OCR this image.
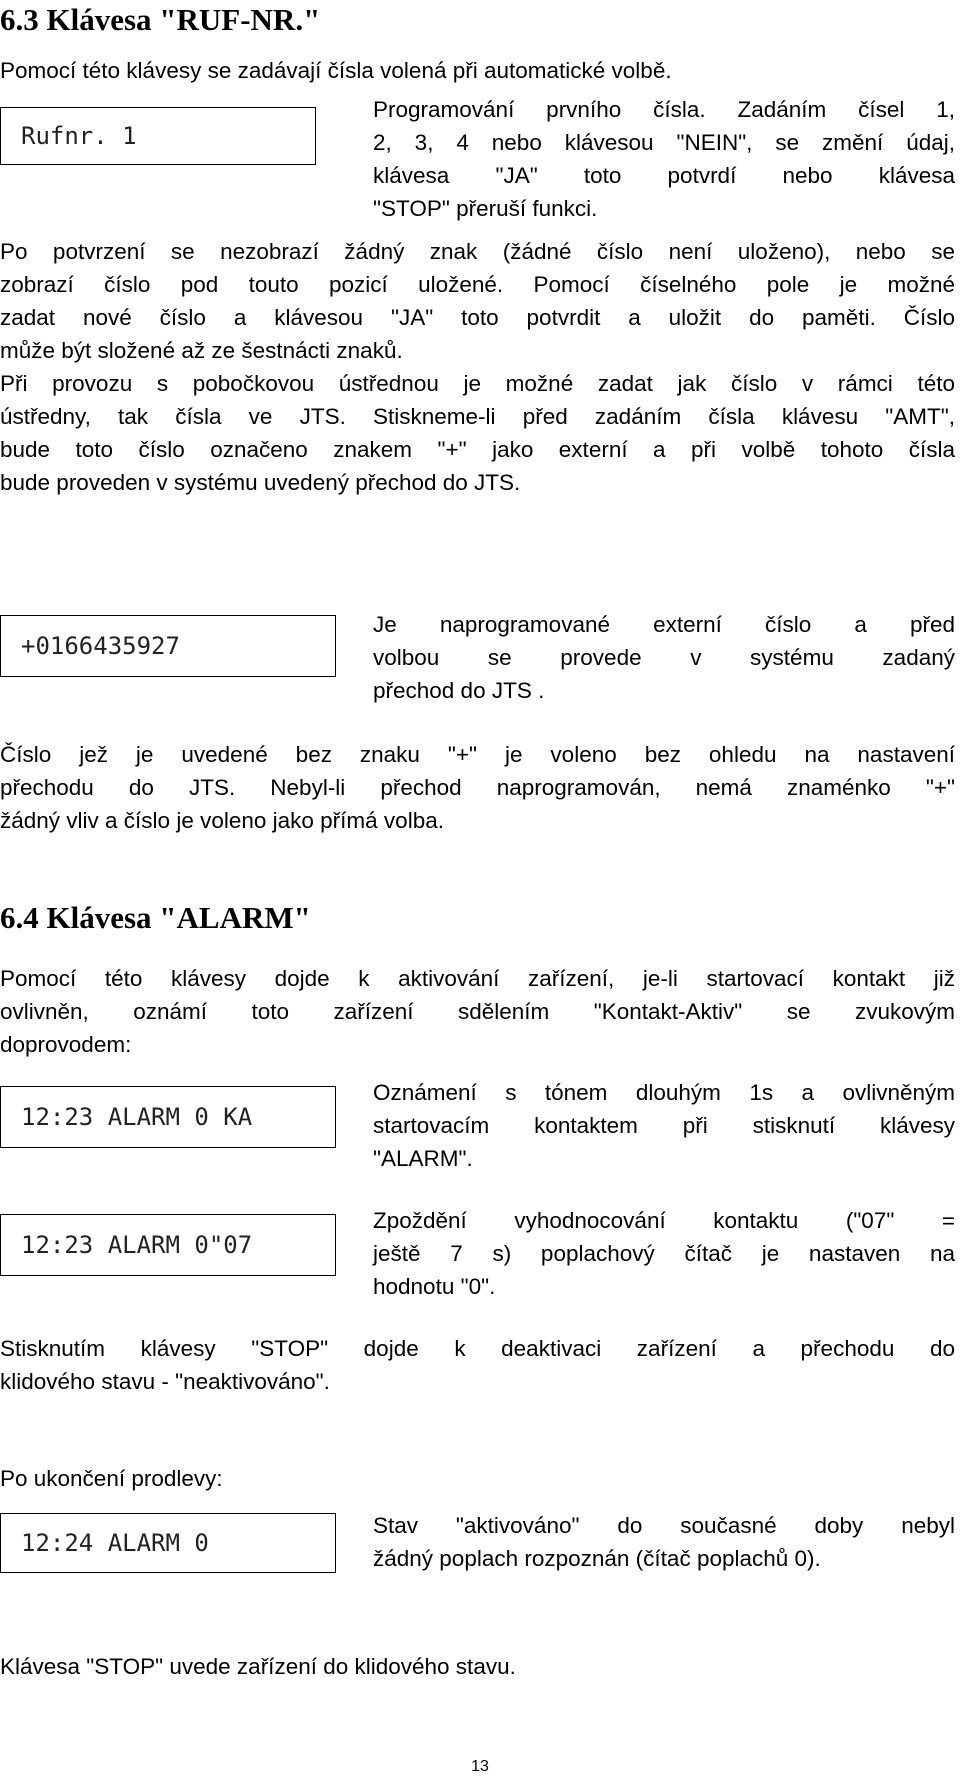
6.3 Klávesa "RUF-NR."

Pomocí této klávesy se zadávají čísla volená při automatické volbě.

Rufnr. 1
Programování prvního čísla. Zadáním čísel 1,
2, 3, 4 nebo klávesou "NEIN", se změní údaj,
klávesa "JA" toto potvrdí nebo klávesa
"STOP" přeruší funkci.
Po potvrzení se nezobrazí žádný znak (žádné číslo není uloženo), nebo se
zobrazí číslo pod touto pozicí uložené. Pomocí číselného pole je možné
zadat nové číslo a klávesou "JA" toto potvrdit a uložit do paměti. Číslo
může být složené až ze šestnácti znaků.
Při provozu s pobočkovou ústřednou je možné zadat jak číslo v rámci této
ústředny, tak čísla ve JTS. Stiskneme-li před zadáním čísla klávesu "AMT",
bude toto číslo označeno znakem "+" jako externí a při volbě tohoto čísla
bude proveden v systému uvedený přechod do JTS.
+0166435927
Je naprogramované externí číslo a před
volbou se provede v systému zadaný
přechod do JTS .
Číslo jež je uvedené bez znaku "+" je voleno bez ohledu na nastavení
přechodu do JTS. Nebyl-li přechod naprogramován, nemá znaménko "+"
žádný vliv a číslo je voleno jako přímá volba.
6.4 Klávesa "ALARM"
Pomocí této klávesy dojde k aktivování zařízení, je-li startovací kontakt již
ovlivněn, oznámí toto zařízení sdělením "Kontakt-Aktiv" se zvukovým
doprovodem:
12:23 ALARM 0 KA
Oznámení s tónem dlouhým 1s a ovlivněným
startovacím kontaktem při stisknutí klávesy
"ALARM".
12:23 ALARM 0"07
Zpoždění vyhodnocování kontaktu ("07" =
ještě 7 s) poplachový čítač je nastaven na
hodnotu "0".
Stisknutím klávesy "STOP" dojde k deaktivaci zařízení a přechodu do
klidového stavu - "neaktivováno".

Po ukončení prodlevy:

12:24 ALARM 0
Stav "aktivováno" do současné doby nebyl
žádný poplach rozpoznán (čítač poplachů 0).

Klávesa "STOP" uvede zařízení do klidového stavu.

13
